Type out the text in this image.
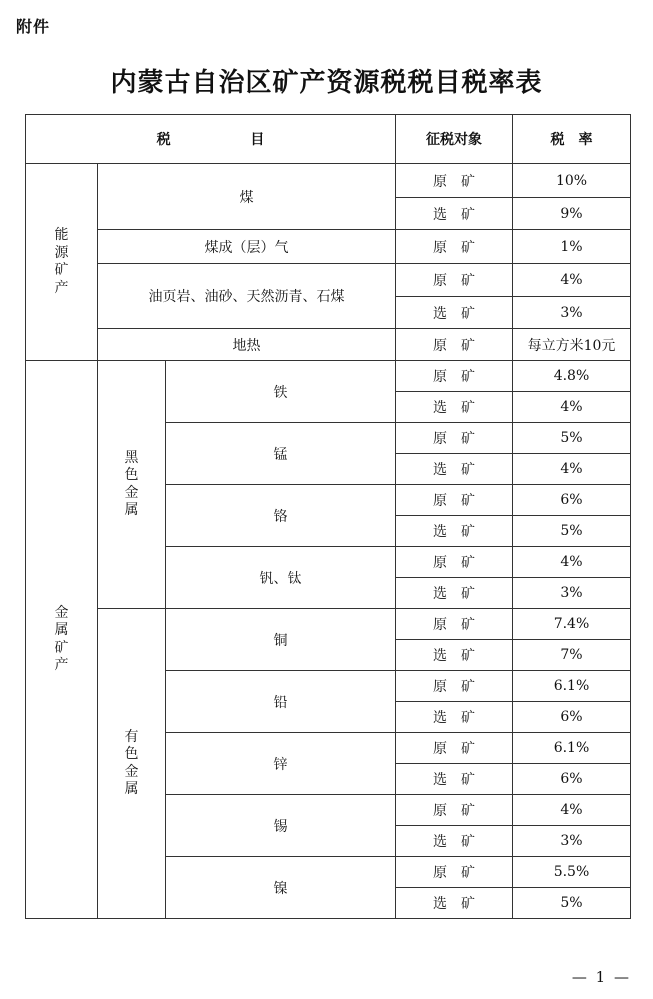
附件
内蒙古自治区矿产资源税税目税率表
税 目			征税对象	税　率
能源矿产	煤		原　矿	10%
			选　矿	9%
	煤成（层）气		原　矿	1%
	油页岩、油砂、天然沥青、石煤		原　矿	4%
			选　矿	3%
	地热		原　矿	每立方米10元
金属矿产	黑色金属	铁	原　矿	4.8%
			选　矿	4%
		锰	原　矿	5%
			选　矿	4%
		铬	原　矿	6%
			选　矿	5%
		钒、钛	原　矿	4%
			选　矿	3%
	有色金属	铜	原　矿	7.4%
			选　矿	7%
		铅	原　矿	6.1%
			选　矿	6%
		锌	原　矿	6.1%
			选　矿	6%
		锡	原　矿	4%
			选　矿	3%
		镍	原　矿	5.5%
			选　矿	5%
— 1 —
